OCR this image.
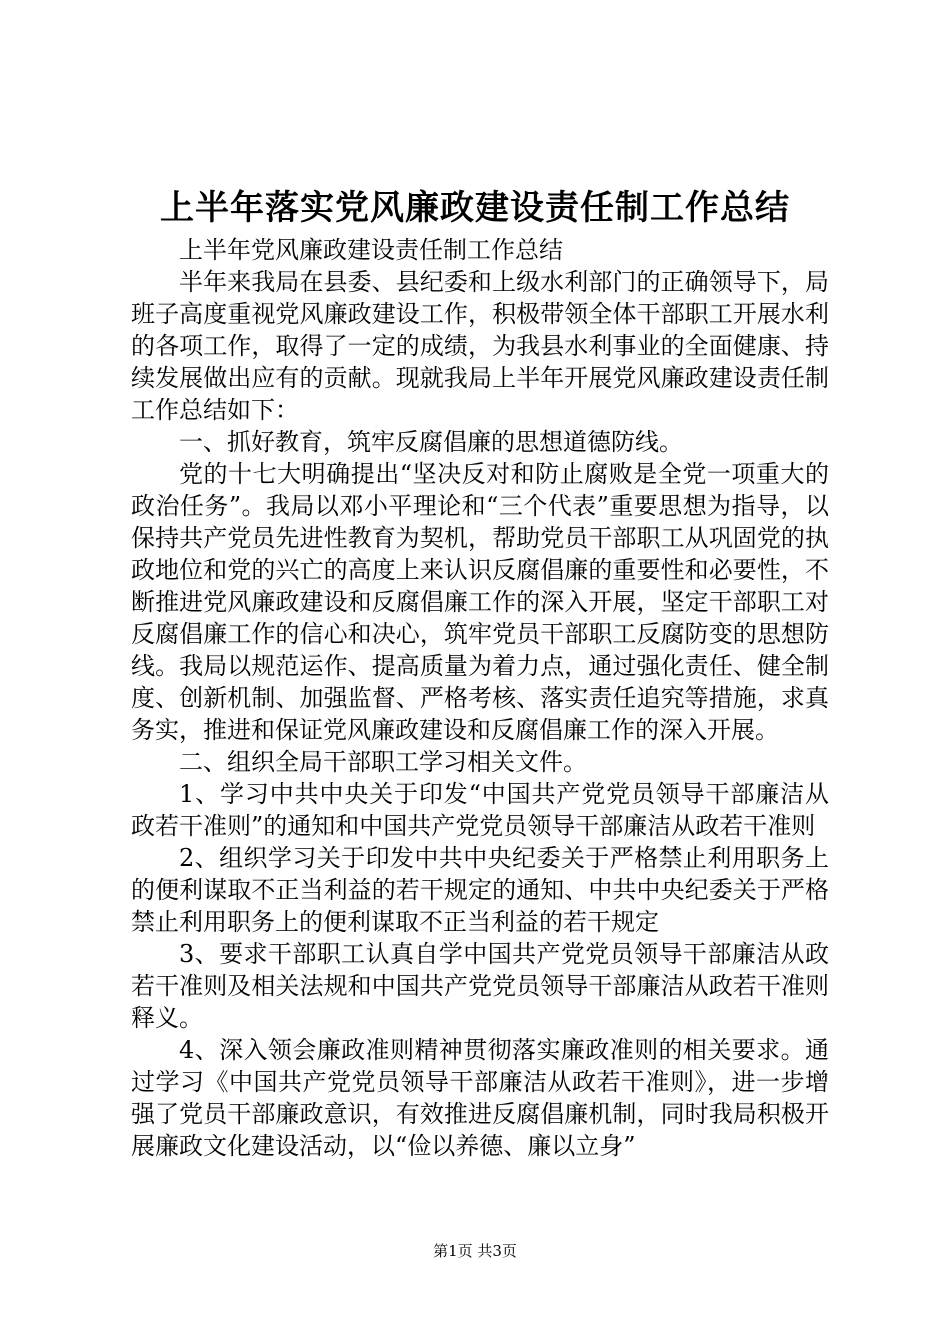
上半年落实党风廉政建设责任制工作总结

上半年党风廉政建设责任制工作总结

半年来我局在县委、县纪委和上级水利部门的正确领导下，局班子高度重视党风廉政建设工作，积极带领全体干部职工开展水利的各项工作，取得了一定的成绩，为我县水利事业的全面健康、持续发展做出应有的贡献。现就我局上半年开展党风廉政建设责任制工作总结如下：

一、抓好教育，筑牢反腐倡廉的思想道德防线。

党的十七大明确提出“坚决反对和防止腐败是全党一项重大的政治任务”。我局以邓小平理论和“三个代表”重要思想为指导，以保持共产党员先进性教育为契机，帮助党员干部职工从巩固党的执政地位和党的兴亡的高度上来认识反腐倡廉的重要性和必要性，不断推进党风廉政建设和反腐倡廉工作的深入开展，坚定干部职工对反腐倡廉工作的信心和决心，筑牢党员干部职工反腐防变的思想防线。我局以规范运作、提高质量为着力点，通过强化责任、健全制度、创新机制、加强监督、严格考核、落实责任追究等措施，求真务实，推进和保证党风廉政建设和反腐倡廉工作的深入开展。

二、组织全局干部职工学习相关文件。

1、学习中共中央关于印发“中国共产党党员领导干部廉洁从政若干准则”的通知和中国共产党党员领导干部廉洁从政若干准则

2、组织学习关于印发中共中央纪委关于严格禁止利用职务上的便利谋取不正当利益的若干规定的通知、中共中央纪委关于严格禁止利用职务上的便利谋取不正当利益的若干规定

3、要求干部职工认真自学中国共产党党员领导干部廉洁从政若干准则及相关法规和中国共产党党员领导干部廉洁从政若干准则释义。

4、深入领会廉政准则精神贯彻落实廉政准则的相关要求。通过学习《中国共产党党员领导干部廉洁从政若干准则》，进一步增强了党员干部廉政意识，有效推进反腐倡廉机制，同时我局积极开展廉政文化建设活动，以“俭以养德、廉以立身”

第1页 共3页
